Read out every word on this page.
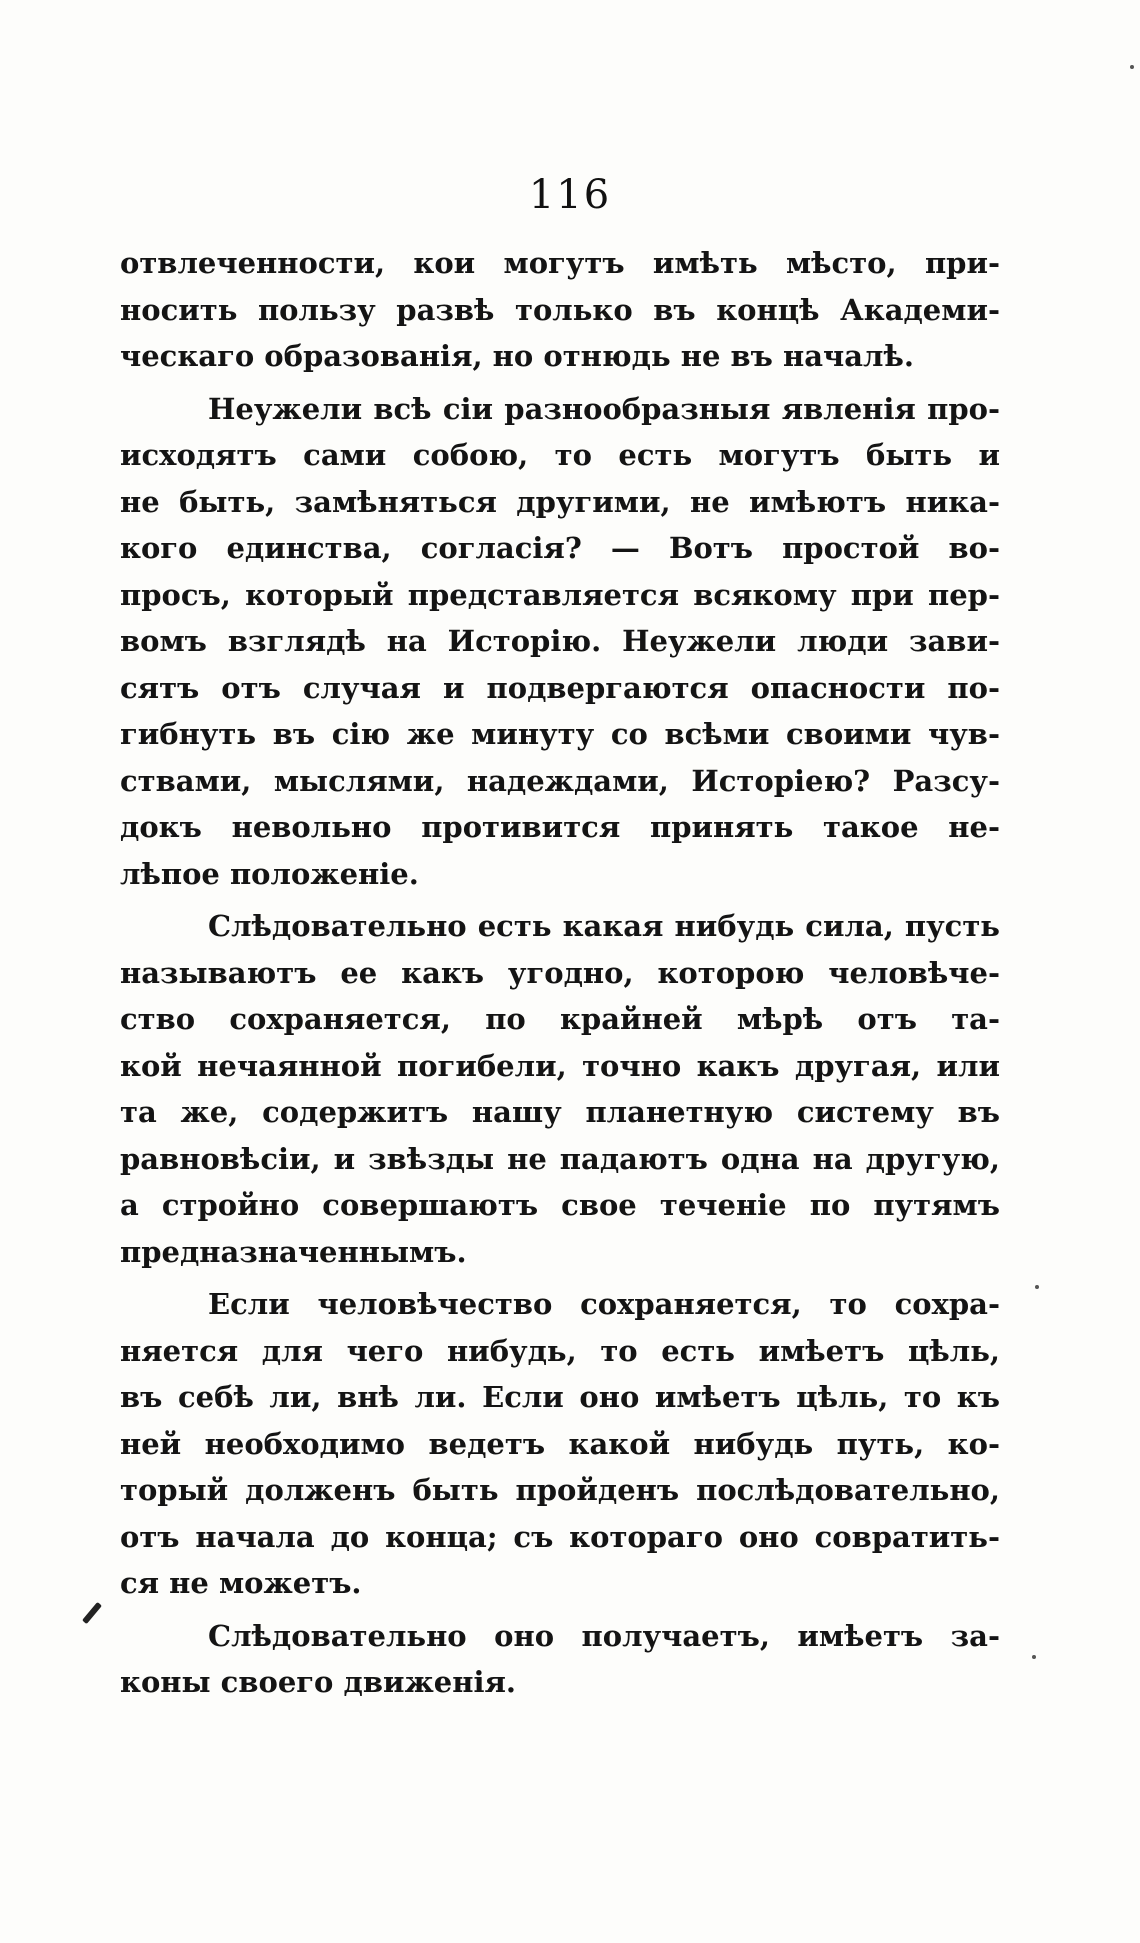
116
отвлеченности, кои могутъ имѣть мѣсто, при-
носить пользу развѣ только въ концѣ Академи-
ческаго образованія, но отнюдь не въ началѣ.
Неужели всѣ сіи разнообразныя явленія про-
исходятъ сами собою, то есть могутъ быть и
не быть, замѣняться другими, не имѣютъ ника-
кого единства, согласія? — Вотъ простой во-
просъ, который представляется всякому при пер-
вомъ взглядѣ на Исторію. Неужели люди зави-
сятъ отъ случая и подвергаются опасности по-
гибнуть въ сію же минуту со всѣми своими чув-
ствами, мыслями, надеждами, Исторіею? Разсу-
докъ невольно противится принять такое не-
лѣпое положеніе.
Слѣдовательно есть какая нибудь сила, пусть
называютъ ее какъ угодно, которою человѣче-
ство сохраняется, по крайней мѣрѣ отъ та-
кой нечаянной погибели, точно какъ другая, или
та же, содержитъ нашу планетную систему въ
равновѣсіи, и звѣзды не падаютъ одна на другую,
а стройно совершаютъ свое теченіе по путямъ
предназначеннымъ.
Если человѣчество сохраняется, то сохра-
няется для чего нибудь, то есть имѣетъ цѣль,
въ себѣ ли, внѣ ли. Если оно имѣетъ цѣль, то къ
ней необходимо ведетъ какой нибудь путь, ко-
торый долженъ быть пройденъ послѣдовательно,
отъ начала до конца; съ котораго оно совратить-
ся не можетъ.
Слѣдовательно оно получаетъ, имѣетъ за-
коны своего движенія.
